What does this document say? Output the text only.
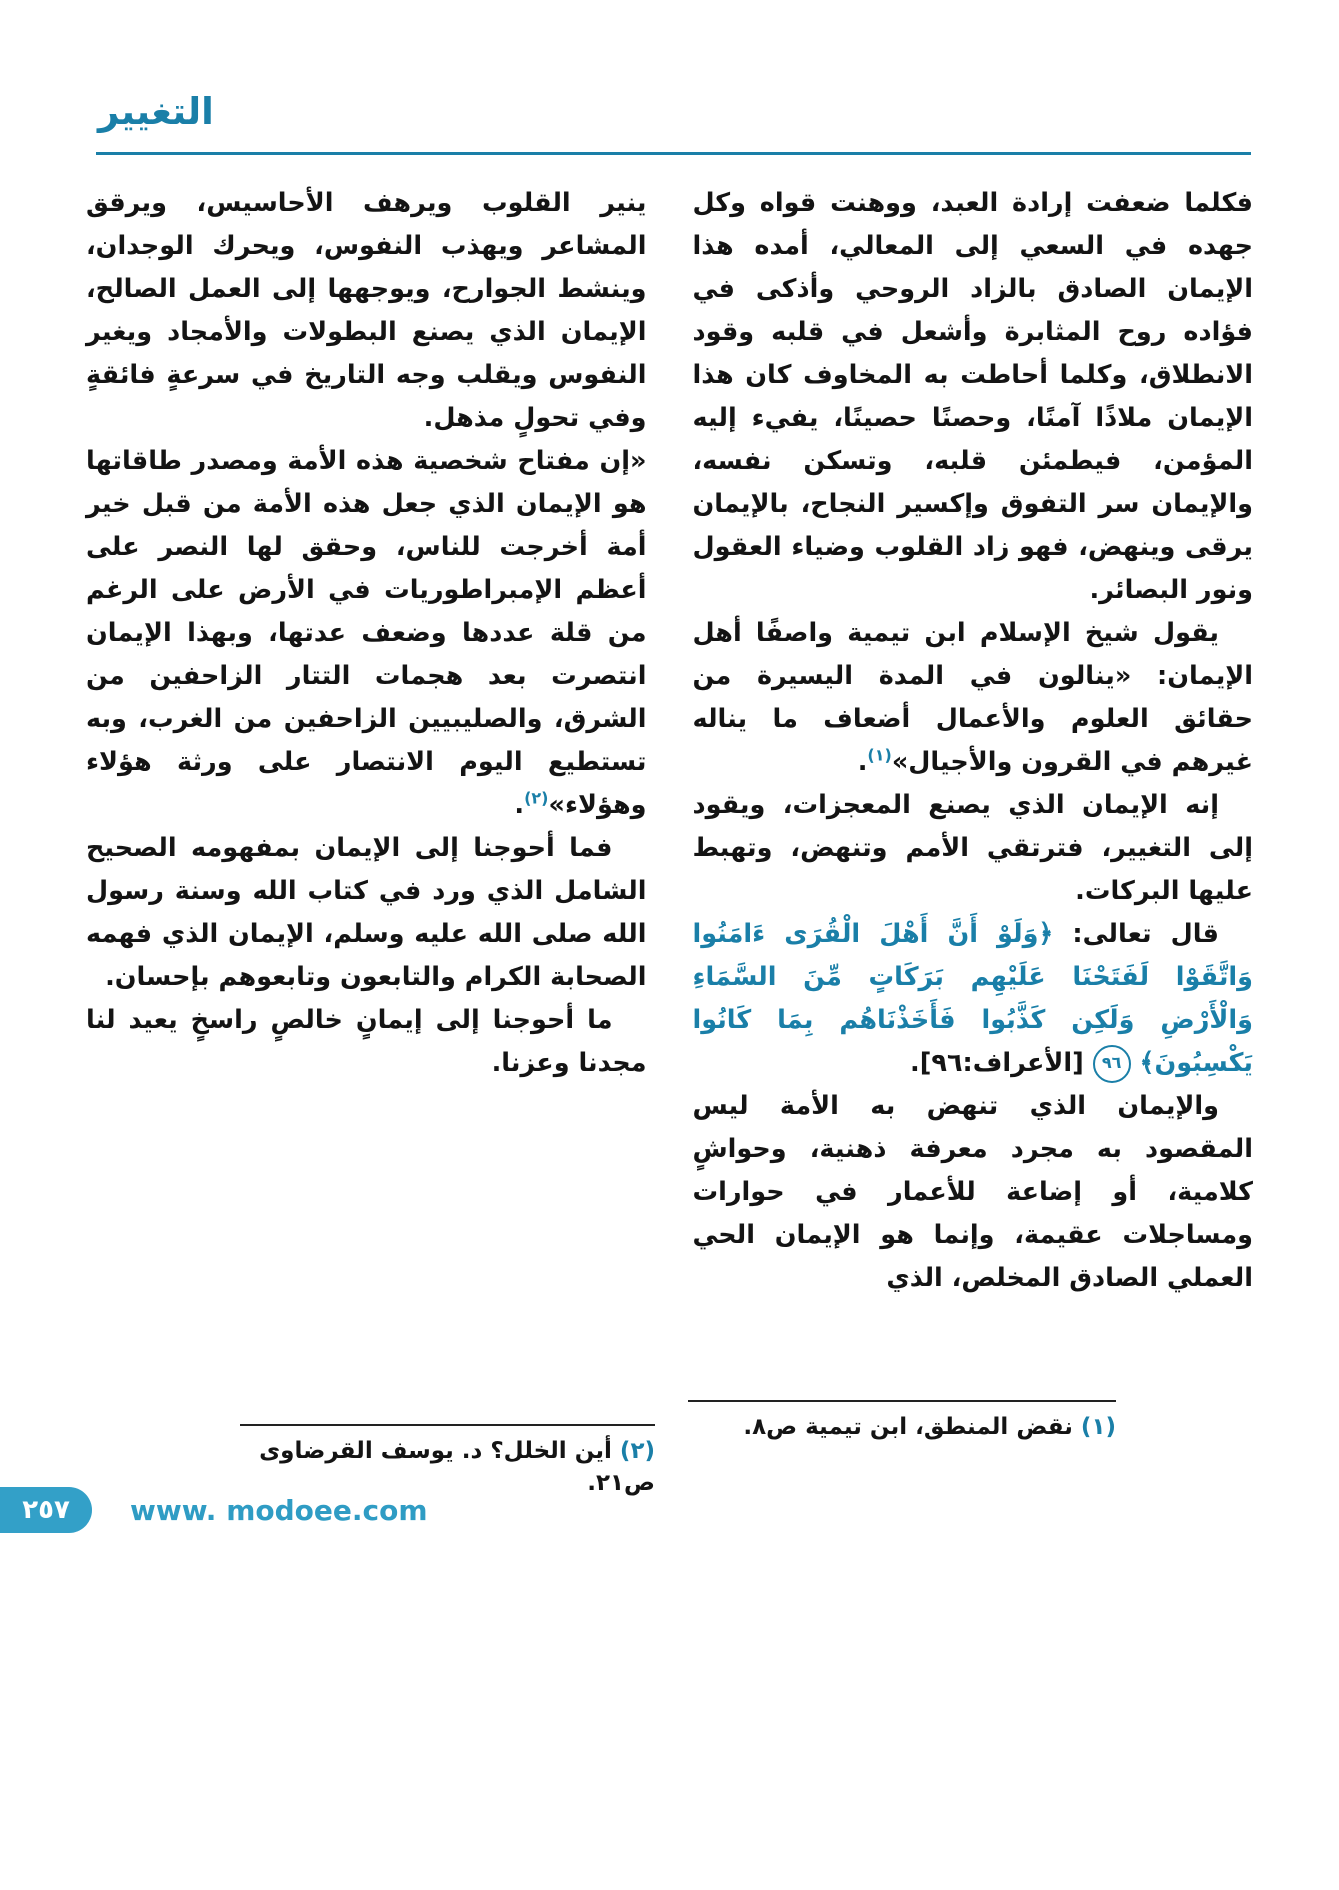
التغيير

فكلما ضعفت إرادة العبد، ووهنت قواه وكل جهده في السعي إلى المعالي، أمده هذا الإيمان الصادق بالزاد الروحي وأذكى في فؤاده روح المثابرة وأشعل في قلبه وقود الانطلاق، وكلما أحاطت به المخاوف كان هذا الإيمان ملاذًا آمنًا، وحصنًا حصينًا، يفيء إليه المؤمن، فيطمئن قلبه، وتسكن نفسه، والإيمان سر التفوق وإكسير النجاح، بالإيمان يرقى وينهض، فهو زاد القلوب وضياء العقول ونور البصائر.

يقول شيخ الإسلام ابن تيمية واصفًا أهل الإيمان: «ينالون في المدة اليسيرة من حقائق العلوم والأعمال أضعاف ما يناله غيرهم في القرون والأجيال»$^{(١)}$.

إنه الإيمان الذي يصنع المعجزات، ويقود إلى التغيير، فترتقي الأمم وتنهض، وتهبط عليها البركات.

قال تعالى: ﴿وَلَوْ أَنَّ أَهْلَ الْقُرَى ءَامَنُوا وَاتَّقَوْا لَفَتَحْنَا عَلَيْهِم بَرَكَاتٍ مِّنَ السَّمَاءِ وَالْأَرْضِ وَلَكِن كَذَّبُوا فَأَخَذْنَاهُم بِمَا كَانُوا يَكْسِبُونَ﴾ ٩٦ [الأعراف:٩٦].

والإيمان الذي تنهض به الأمة ليس المقصود به مجرد معرفة ذهنية، وحواشٍ كلامية، أو إضاعة للأعمار في حوارات ومساجلات عقيمة، وإنما هو الإيمان الحي العملي الصادق المخلص، الذي

ينير القلوب ويرهف الأحاسيس، ويرقق المشاعر ويهذب النفوس، ويحرك الوجدان، وينشط الجوارح، ويوجهها إلى العمل الصالح، الإيمان الذي يصنع البطولات والأمجاد ويغير النفوس ويقلب وجه التاريخ في سرعةٍ فائقةٍ وفي تحولٍ مذهل.

«إن مفتاح شخصية هذه الأمة ومصدر طاقاتها هو الإيمان الذي جعل هذه الأمة من قبل خير أمة أخرجت للناس، وحقق لها النصر على أعظم الإمبراطوريات في الأرض على الرغم من قلة عددها وضعف عدتها، وبهذا الإيمان انتصرت بعد هجمات التتار الزاحفين من الشرق، والصليبيين الزاحفين من الغرب، وبه تستطيع اليوم الانتصار على ورثة هؤلاء وهؤلاء»$^{(٢)}$.

فما أحوجنا إلى الإيمان بمفهومه الصحيح الشامل الذي ورد في كتاب الله وسنة رسول الله صلى الله عليه وسلم، الإيمان الذي فهمه الصحابة الكرام والتابعون وتابعوهم بإحسان.

ما أحوجنا إلى إيمانٍ خالصٍ راسخٍ يعيد لنا مجدنا وعزنا.

(١) نقض المنطق، ابن تيمية ص٨.
(٢) أين الخلل؟ د. يوسف القرضاوى ص٢١.
٢٥٧	www. modoee.com
